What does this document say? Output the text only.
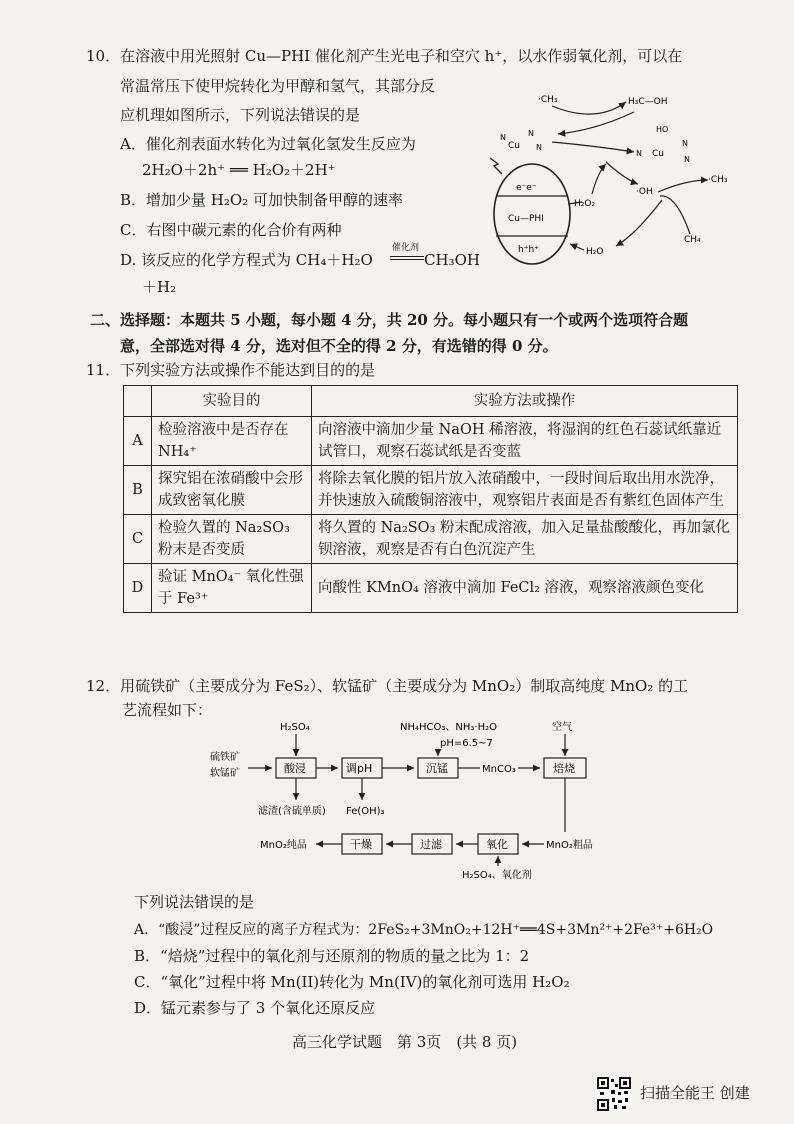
10．在溶液中用光照射 Cu—PHI 催化剂产生光电子和空穴 h⁺，以水作弱氧化剂，可以在
常温常压下使甲烷转化为甲醇和氢气，其部分反
应机理如图所示，下列说法错误的是
A．催化剂表面水转化为过氧化氢发生反应为
2H₂O＋2h⁺ ══ H₂O₂＋2H⁺
B．增加少量 H₂O₂ 可加快制备甲醇的速率
C．右图中碳元素的化合价有两种
D. 该反应的化学方程式为 CH₄＋H₂O
催化剂
CH₃OH
＋H₂
e⁻e⁻
Cu—PHI
h⁺h⁺
Cu
N	N
N
Cu
HO
N
N
N
·CH₃	H₃C—OH
H₂O₂
·OH
·CH₃
CH₄
H₂O
二、选择题：本题共 5 小题，每小题 4 分，共 20 分。每小题只有一个或两个选项符合题
意，全部选对得 4 分，选对但不全的得 2 分，有选错的得 0 分。
11．下列实验方法或操作不能达到目的的是
	实验目的	实验方法或操作
A	检验溶液中是否存在 NH₄⁺	向溶液中滴加少量 NaOH 稀溶液，将湿润的红色石蕊试纸靠近试管口，观察石蕊试纸是否变蓝
B	探究铝在浓硝酸中会形成致密氧化膜	将除去氧化膜的铝片放入浓硝酸中，一段时间后取出用水洗净，并快速放入硫酸铜溶液中，观察铝片表面是否有紫红色固体产生
C	检验久置的 Na₂SO₃ 粉末是否变质	将久置的 Na₂SO₃ 粉末配成溶液，加入足量盐酸酸化，再加氯化钡溶液，观察是否有白色沉淀产生
D	验证 MnO₄⁻ 氧化性强于 Fe³⁺	向酸性 KMnO₄ 溶液中滴加 FeCl₂ 溶液，观察溶液颜色变化
12．用硫铁矿（主要成分为 FeS₂）、软锰矿（主要成分为 MnO₂）制取高纯度 MnO₂ 的工
艺流程如下：
H₂SO₄	NH₄HCO₃、NH₃·H₂O
pH=6.5~7
空气
硫铁矿
软锰矿	酸浸	调pH	沉锰	MnCO₃	焙烧
滤渣(含硫单质) Fe(OH)₃
MnO₂粗品
氧化
H₂SO₄、氧化剂
过滤
干燥
MnO₂纯品
下列说法错误的是
A．“酸浸”过程反应的离子方程式为：2FeS₂+3MnO₂+12H⁺══4S+3Mn²⁺+2Fe³⁺+6H₂O
B．“焙烧”过程中的氧化剂与还原剂的物质的量之比为 1：2
C．“氧化”过程中将 Mn(II)转化为 Mn(IV)的氧化剂可选用 H₂O₂
D．锰元素参与了 3 个氧化还原反应
高三化学试题　第 3页　(共 8 页)
扫描全能王 创建
